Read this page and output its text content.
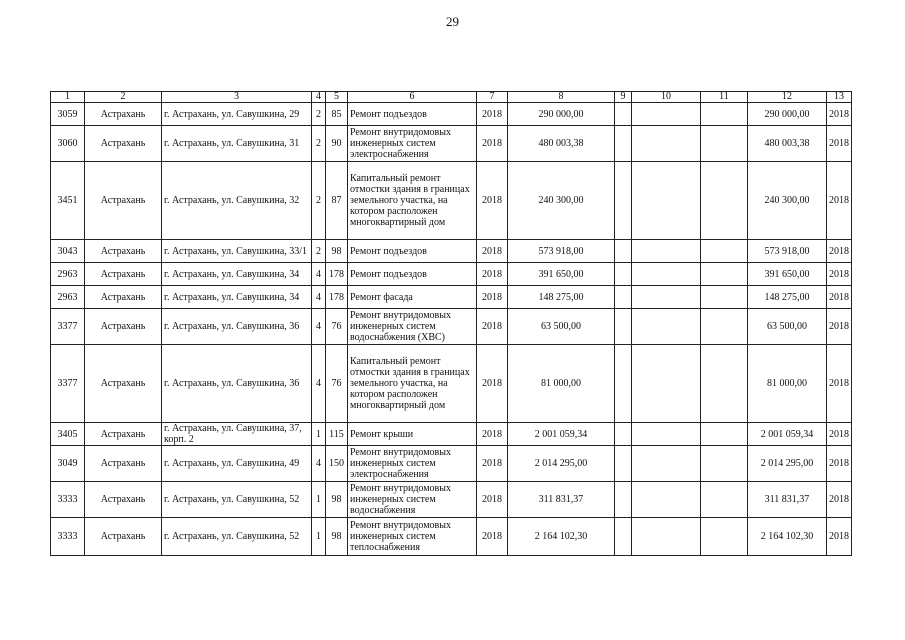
29
1	2	3	4	5	6	7	8	9	10	11	12	13
3059	Астрахань	г. Астрахань, ул. Савушкина, 29	2	85	Ремонт подъездов	2018	290 000,00				290 000,00	2018
3060	Астрахань	г. Астрахань, ул. Савушкина, 31	2	90	Ремонт внутридомовых инженерных систем электроснабжения	2018	480 003,38				480 003,38	2018
3451	Астрахань	г. Астрахань, ул. Савушкина, 32	2	87	Капитальный ремонт отмостки здания в границах земельного участка, на котором расположен многоквартирный дом	2018	240 300,00				240 300,00	2018
3043	Астрахань	г. Астрахань, ул. Савушкина, 33/1	2	98	Ремонт подъездов	2018	573 918,00				573 918,00	2018
2963	Астрахань	г. Астрахань, ул. Савушкина, 34	4	178	Ремонт подъездов	2018	391 650,00				391 650,00	2018
2963	Астрахань	г. Астрахань, ул. Савушкина, 34	4	178	Ремонт фасада	2018	148 275,00				148 275,00	2018
3377	Астрахань	г. Астрахань, ул. Савушкина, 36	4	76	Ремонт внутридомовых инженерных систем водоснабжения (ХВС)	2018	63 500,00				63 500,00	2018
3377	Астрахань	г. Астрахань, ул. Савушкина, 36	4	76	Капитальный ремонт отмостки здания в границах земельного участка, на котором расположен многоквартирный дом	2018	81 000,00				81 000,00	2018
3405	Астрахань	г. Астрахань, ул. Савушкина, 37, корп. 2	1	115	Ремонт крыши	2018	2 001 059,34				2 001 059,34	2018
3049	Астрахань	г. Астрахань, ул. Савушкина, 49	4	150	Ремонт внутридомовых инженерных систем электроснабжения	2018	2 014 295,00				2 014 295,00	2018
3333	Астрахань	г. Астрахань, ул. Савушкина, 52	1	98	Ремонт внутридомовых инженерных систем водоснабжения	2018	311 831,37				311 831,37	2018
3333	Астрахань	г. Астрахань, ул. Савушкина, 52	1	98	Ремонт внутридомовых инженерных систем теплоснабжения	2018	2 164 102,30				2 164 102,30	2018
